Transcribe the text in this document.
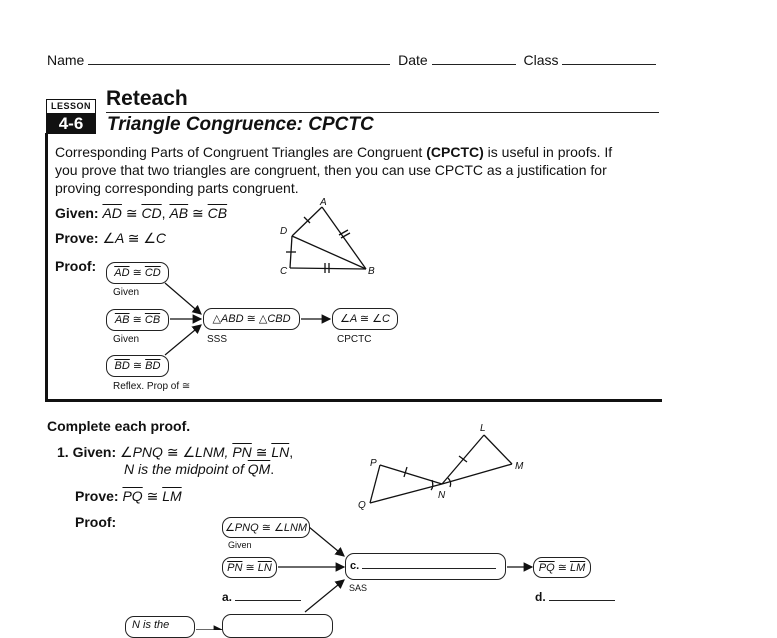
Name	Date	Class
LESSON
4-6
Reteach
Triangle Congruence: CPCTC
Corresponding Parts of Congruent Triangles are Congruent (CPCTC) is useful in proofs. If
you prove that two triangles are congruent, then you can use CPCTC as a justification for
proving corresponding parts congruent.
Given: $\overline{AD}$ ≅ $\overline{CD}$, $\overline{AB}$ ≅ $\overline{CB}$
Prove: ∠A ≅ ∠C
Proof:
A
D
C	B
$\overline{AD}$ ≅ $\overline{CD}$
Given
$\overline{AB}$ ≅ $\overline{CB}$
Given
$\overline{BD}$ ≅ $\overline{BD}$
Reflex. Prop of ≅
△ABD ≅ △CBD
SSS
∠A ≅ ∠C
CPCTC
Complete each proof.
1. Given: ∠PNQ ≅ ∠LNM, $\overline{PN}$ ≅ $\overline{LN}$,
N is the midpoint of $\overline{QM}$.
Prove: $\overline{PQ}$ ≅ $\overline{LM}$
Proof:
L
M
N
P
Q
∠PNQ ≅ ∠LNM
Given
$\overline{PN}$ ≅ $\overline{LN}$
a.
c.
SAS
$\overline{PQ}$ ≅ $\overline{LM}$
d.
N is the
